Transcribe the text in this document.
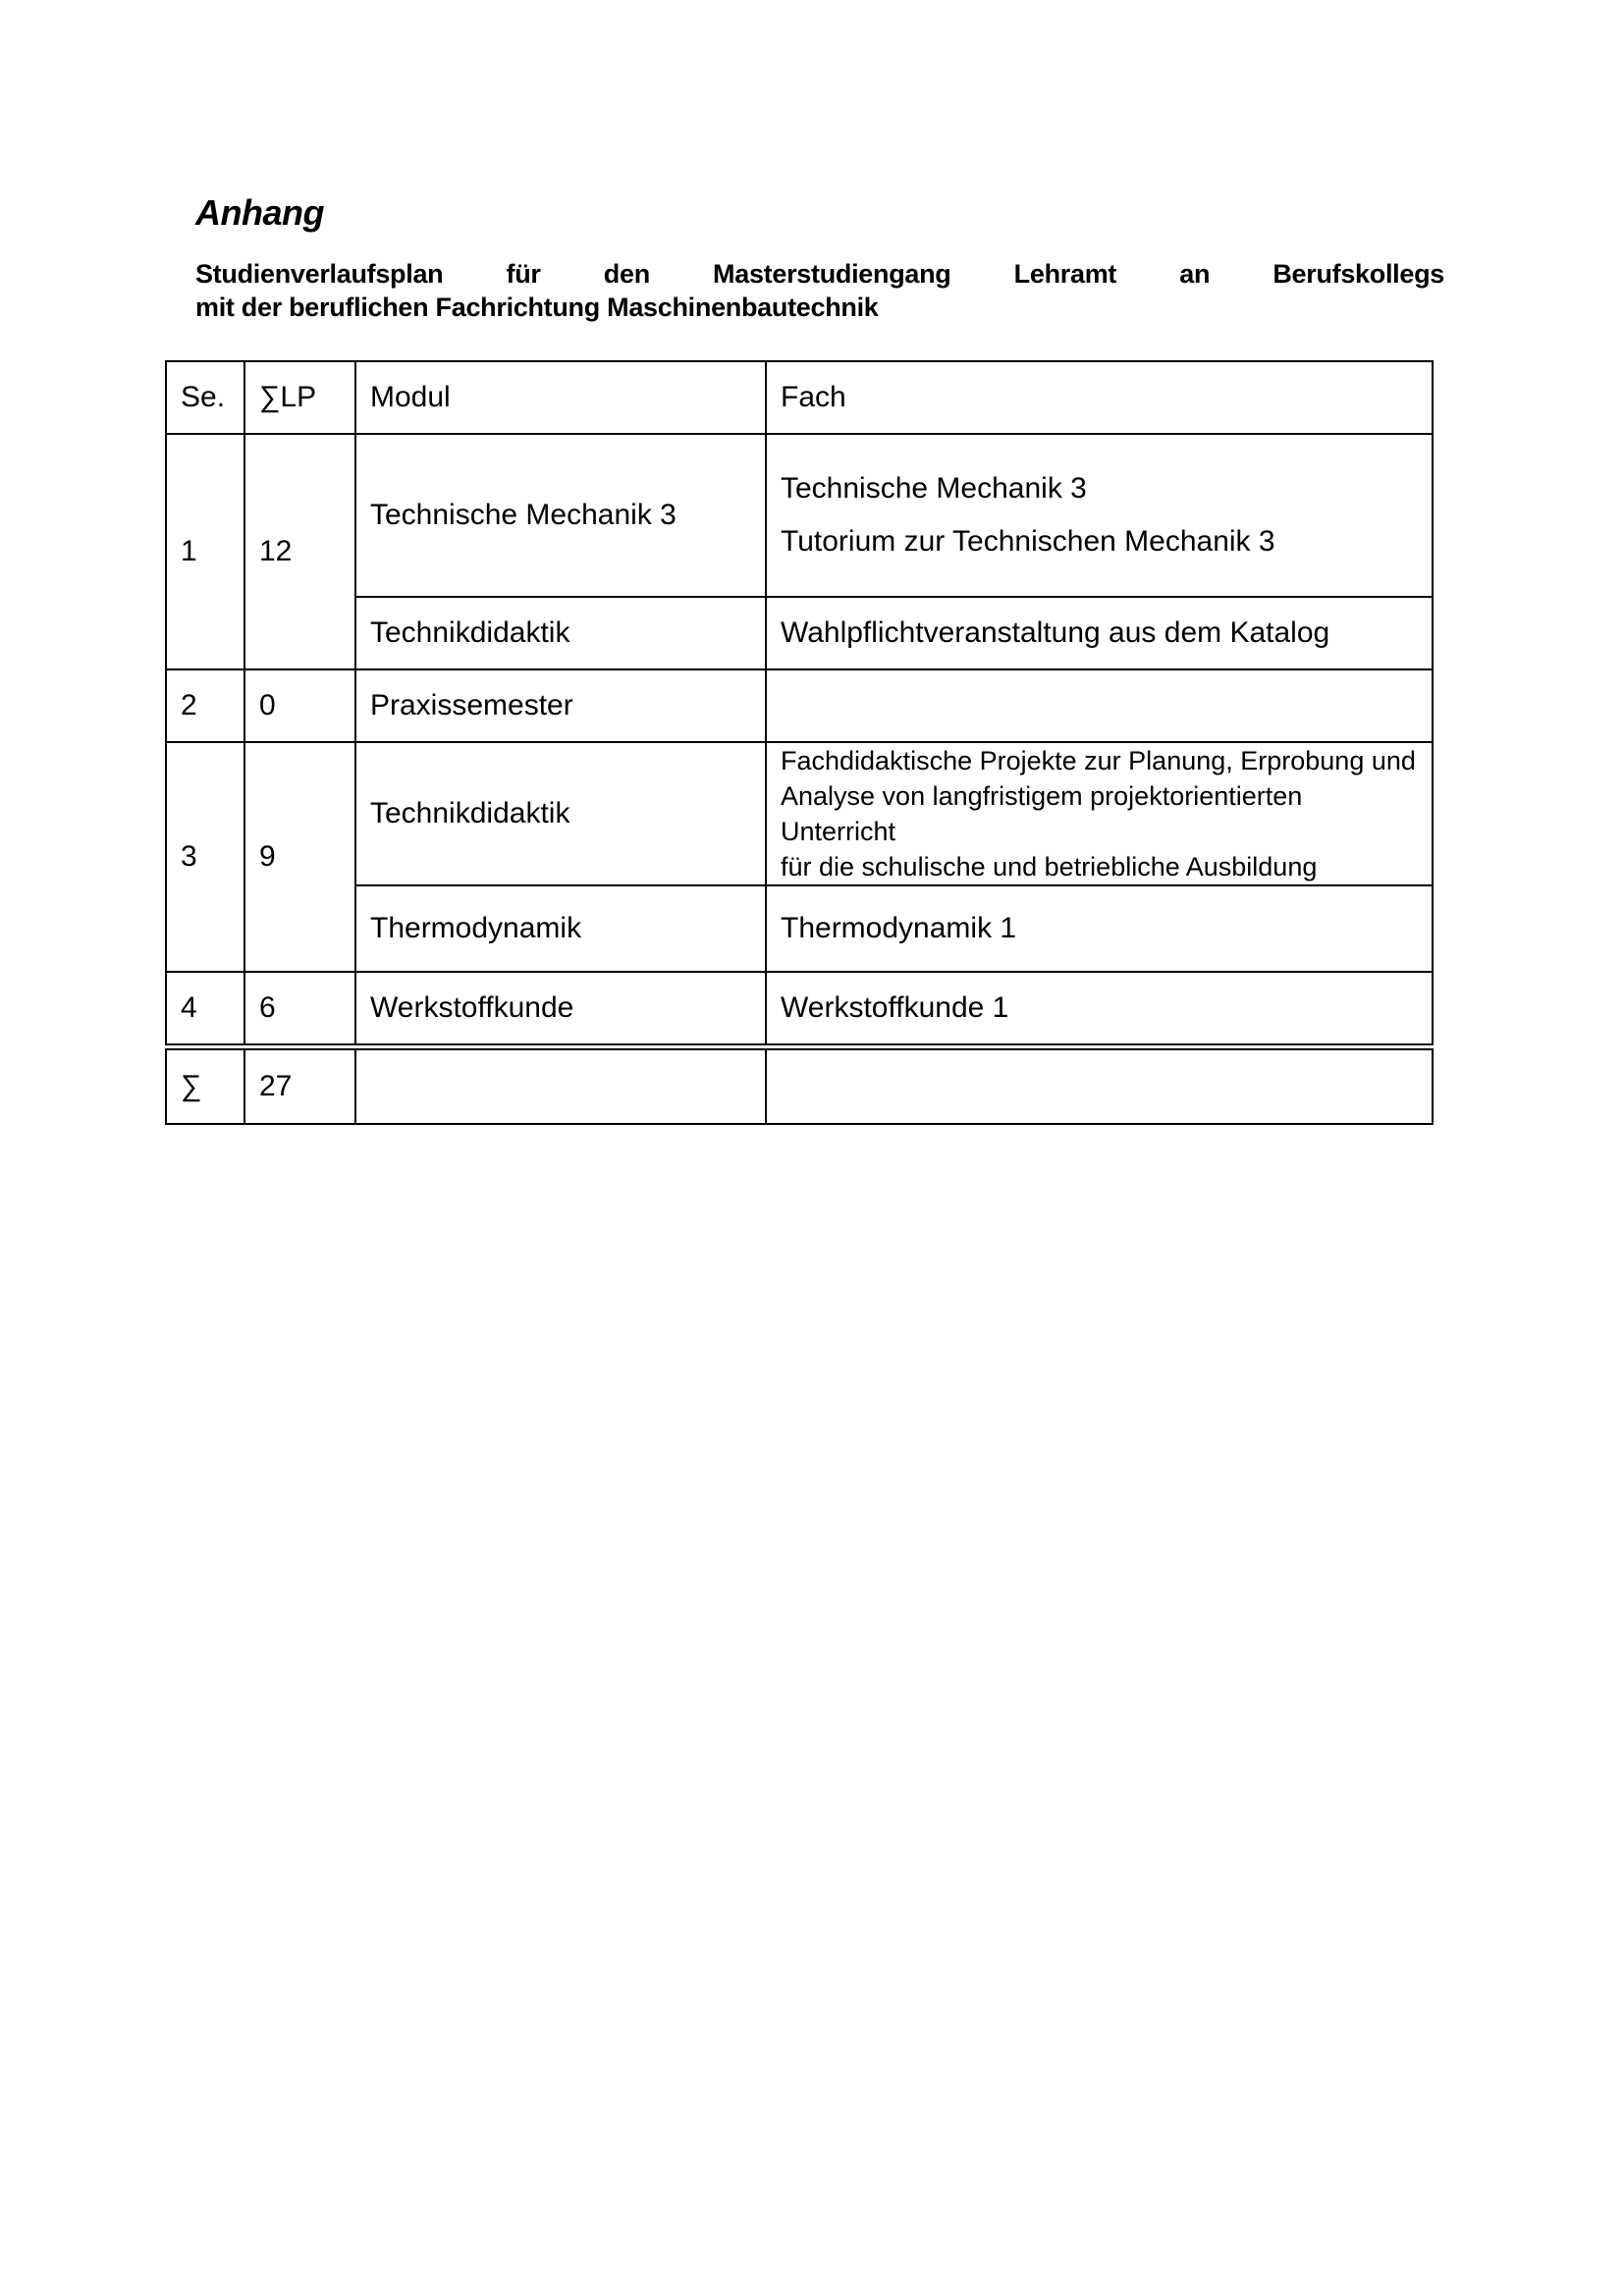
Anhang
Studienverlaufsplan für den Masterstudiengang Lehramt an Berufskollegs
mit der beruflichen Fachrichtung Maschinenbautechnik
Se.	∑LP	Modul	Fach
1	12	Technische Mechanik 3	Technische Mechanik 3
Tutorium zur Technischen Mechanik 3

		Technikdidaktik	Wahlpflichtveranstaltung aus dem Katalog
2	0	Praxissemester	
3	9	Technikdidaktik	Fachdidaktische Projekte zur Planung, Erprobung und
Analyse von langfristigem projektorientierten Unterricht
für die schulische und betriebliche Ausbildung

		Thermodynamik	Thermodynamik 1
4	6	Werkstoffkunde	Werkstoffkunde 1
∑	27		
